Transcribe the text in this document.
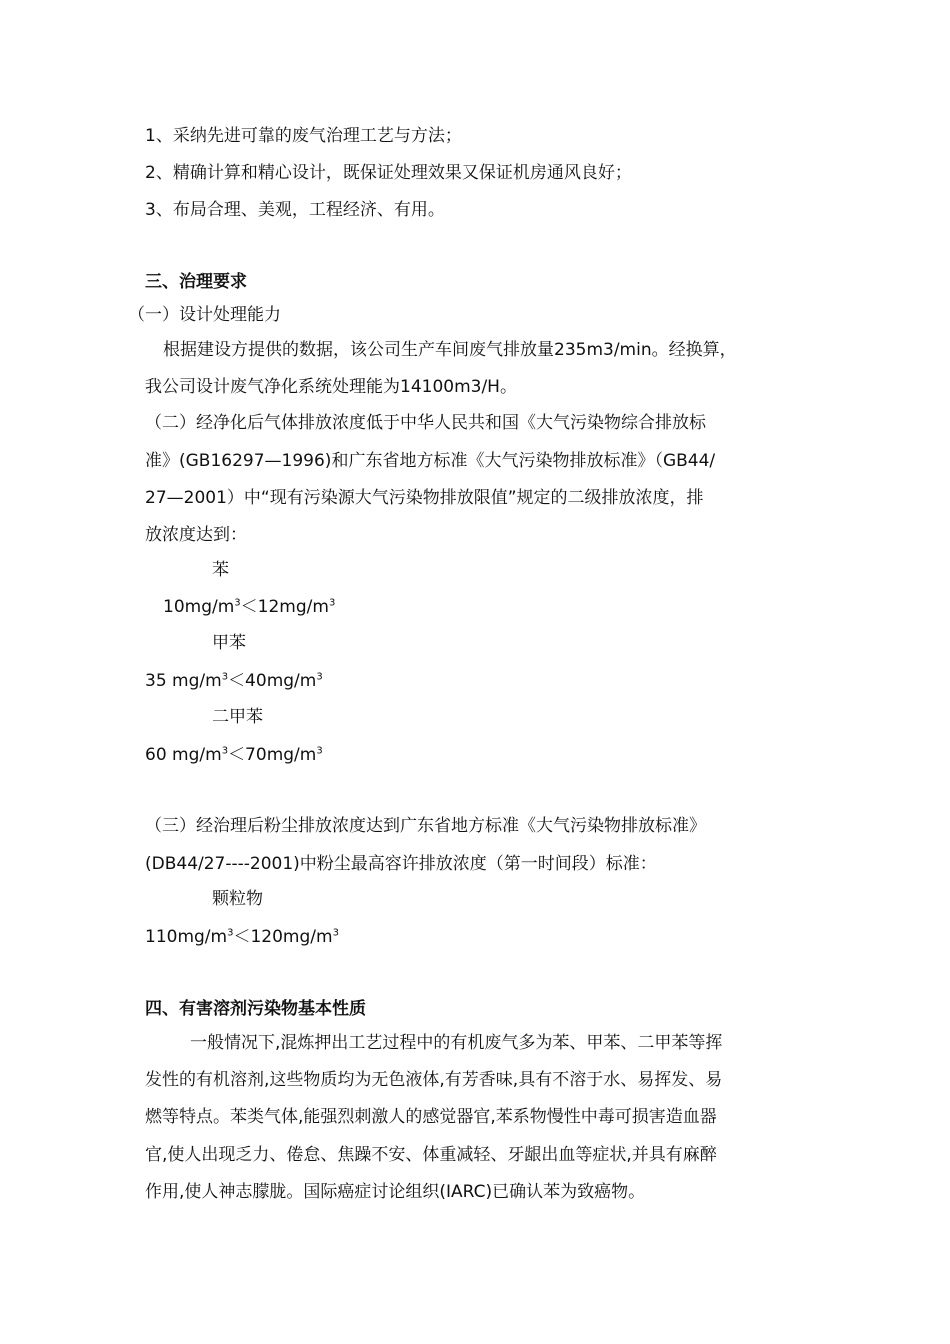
1、采纳先进可靠的废气治理工艺与方法；
2、精确计算和精心设计，既保证处理效果又保证机房通风良好；
3、布局合理、美观，工程经济、有用。
三、治理要求
（一）设计处理能力
根据建设方提供的数据，该公司生产车间废气排放量235m3/min。经换算，
我公司设计废气净化系统处理能为14100m3/H。
（二）经净化后气体排放浓度低于中华人民共和国《大气污染物综合排放标
准》(GB16297—1996)和广东省地方标准《大气污染物排放标准》（GB44/
27—2001）中“现有污染源大气污染物排放限值”规定的二级排放浓度，排
放浓度达到：
苯
$10mg/m^3<12mg/m^3$
甲苯
35 $mg/m^3<40mg/m^3$
二甲苯
60 $mg/m^3<70mg/m^3$
（三）经治理后粉尘排放浓度达到广东省地方标准《大气污染物排放标准》
(DB44/27----2001)中粉尘最高容许排放浓度（第一时间段）标准：
颗粒物
$110mg/m^3<120mg/m^3$
四、有害溶剂污染物基本性质
一般情况下,混炼押出工艺过程中的有机废气多为苯、甲苯、二甲苯等挥
发性的有机溶剂,这些物质均为无色液体,有芳香味,具有不溶于水、易挥发、易
燃等特点。苯类气体,能强烈刺激人的感觉器官,苯系物慢性中毒可损害造血器
官,使人出现乏力、倦怠、焦躁不安、体重减轻、牙龈出血等症状,并具有麻醉
作用,使人神志朦胧。国际癌症讨论组织(IARC)已确认苯为致癌物。
